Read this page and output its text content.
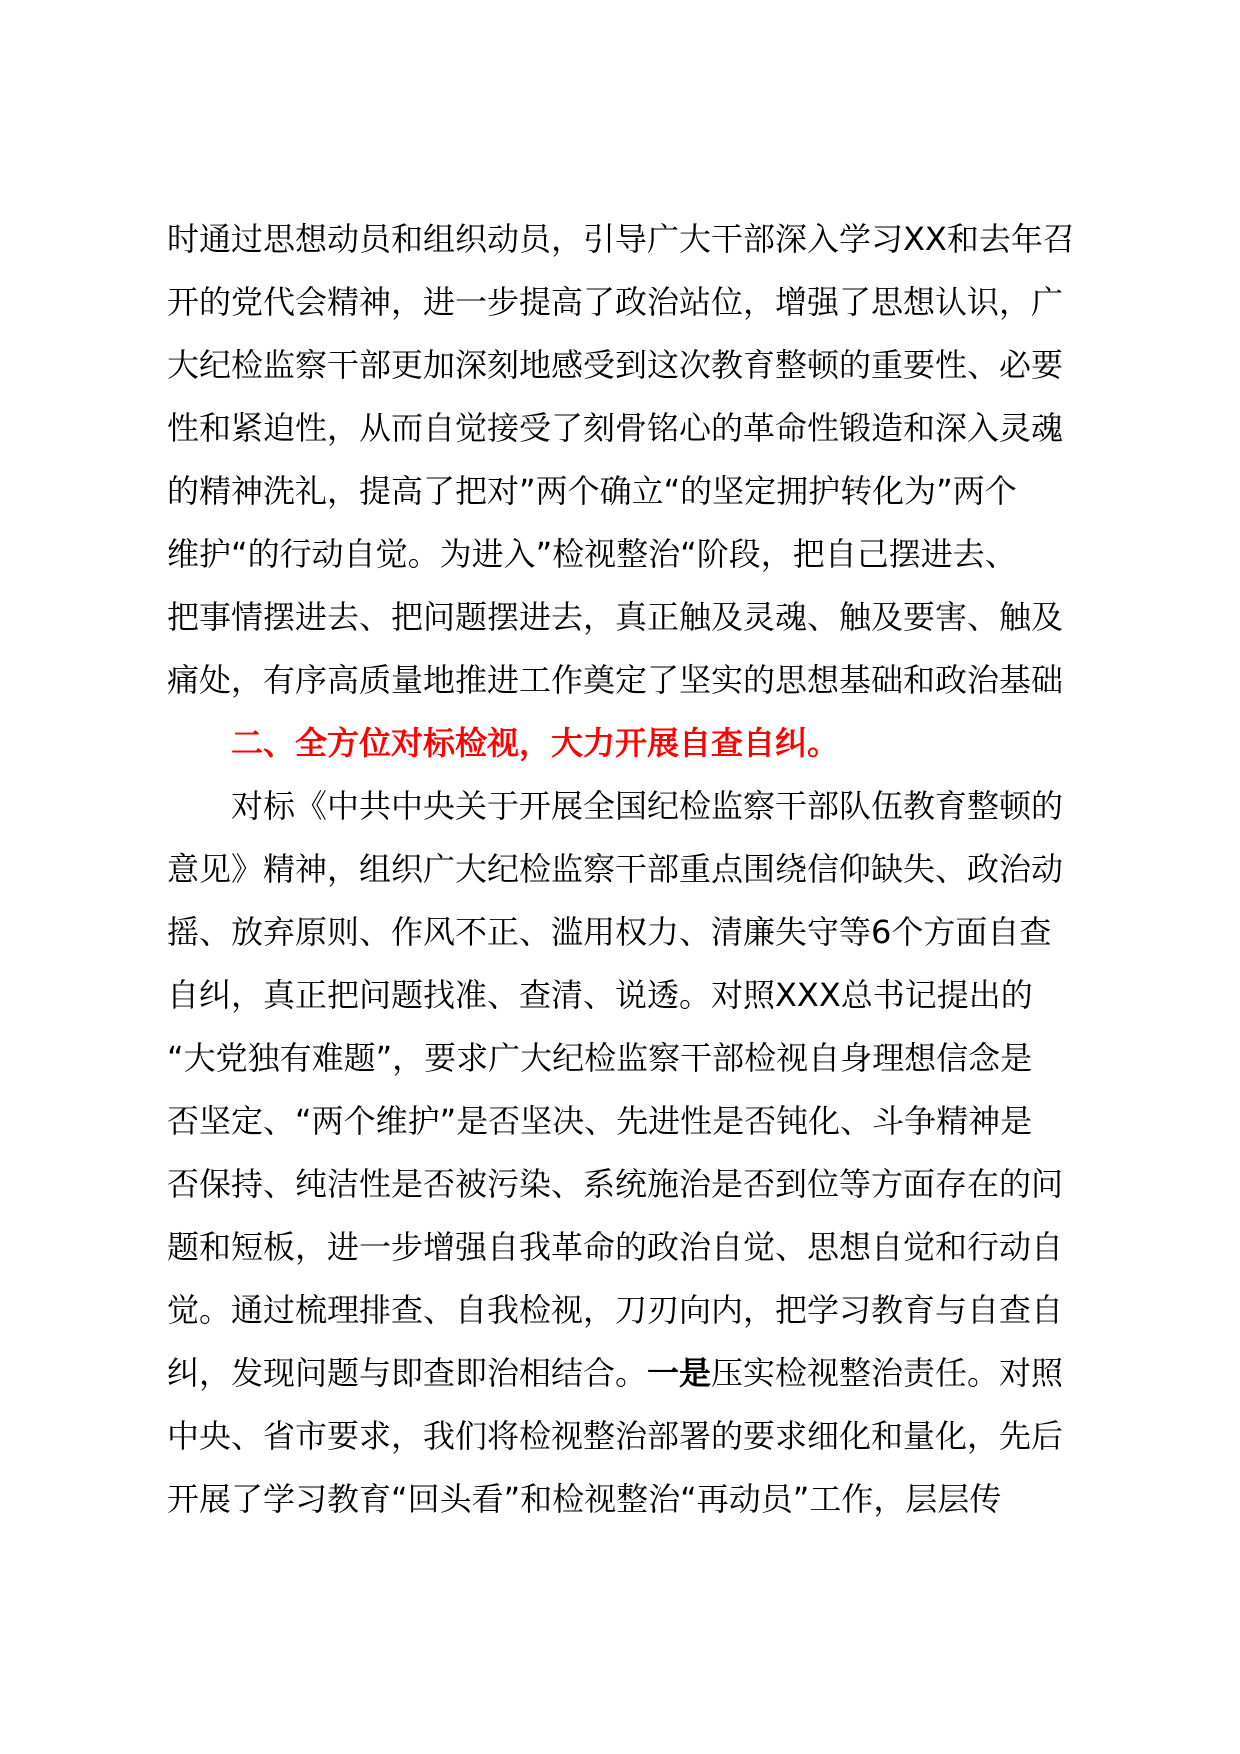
时通过思想动员和组织动员，引导广大干部深入学习XX和去年召
开的党代会精神，进一步提高了政治站位，增强了思想认识，广
大纪检监察干部更加深刻地感受到这次教育整顿的重要性、必要
性和紧迫性，从而自觉接受了刻骨铭心的革命性锻造和深入灵魂
的精神洗礼，提高了把对”两个确立“的坚定拥护转化为”两个
维护“的行动自觉。为进入”检视整治“阶段，把自己摆进去、
把事情摆进去、把问题摆进去，真正触及灵魂、触及要害、触及
痛处，有序高质量地推进工作奠定了坚实的思想基础和政治基础
二、全方位对标检视，大力开展自查自纠。
对标《中共中央关于开展全国纪检监察干部队伍教育整顿的
意见》精神，组织广大纪检监察干部重点围绕信仰缺失、政治动
摇、放弃原则、作风不正、滥用权力、清廉失守等6个方面自查
自纠，真正把问题找准、查清、说透。对照XXX总书记提出的
“大党独有难题”，要求广大纪检监察干部检视自身理想信念是
否坚定、“两个维护”是否坚决、先进性是否钝化、斗争精神是
否保持、纯洁性是否被污染、系统施治是否到位等方面存在的问
题和短板，进一步增强自我革命的政治自觉、思想自觉和行动自
觉。通过梳理排查、自我检视，刀刃向内，把学习教育与自查自
纠，发现问题与即查即治相结合。一是压实检视整治责任。对照
中央、省市要求，我们将检视整治部署的要求细化和量化，先后
开展了学习教育“回头看”和检视整治“再动员”工作，层层传
